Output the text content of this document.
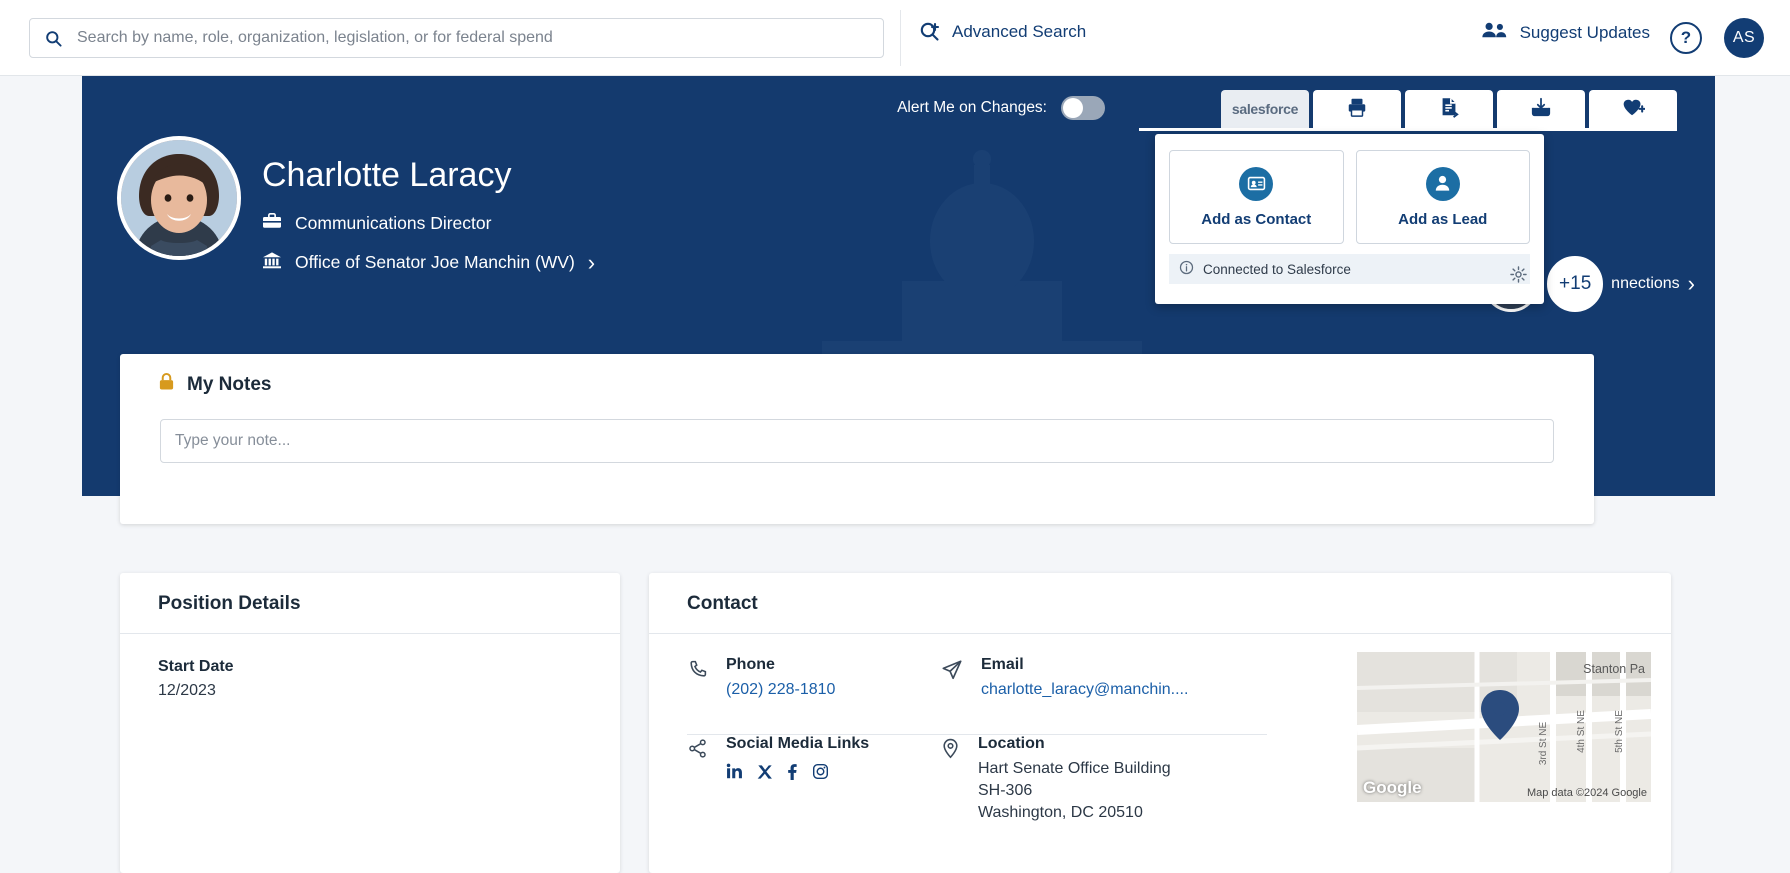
Search by name, role, organization, legislation, or for federal spend
Advanced Search	Suggest Updates ?	AS
Alert Me on Changes:	salesforce
Charlotte Laracy
Communications Director
Office of Senator Joe Manchin (WV) ›
+15 nnections ›
Add as Contact	Add as Lead
Connected to Salesforce
My Notes
Type your note...
Position Details
Start Date
12/2023
Contact
Phone
(202) 228-1810
Email
charlotte_laracy@manchin....
Social Media Links	Location
Hart Senate Office Building
SH-306
Washington, DC 20510
Stanton Pa
4th St NE	5th St NE
3rd St NE
Google	Map data ©2024 Google
